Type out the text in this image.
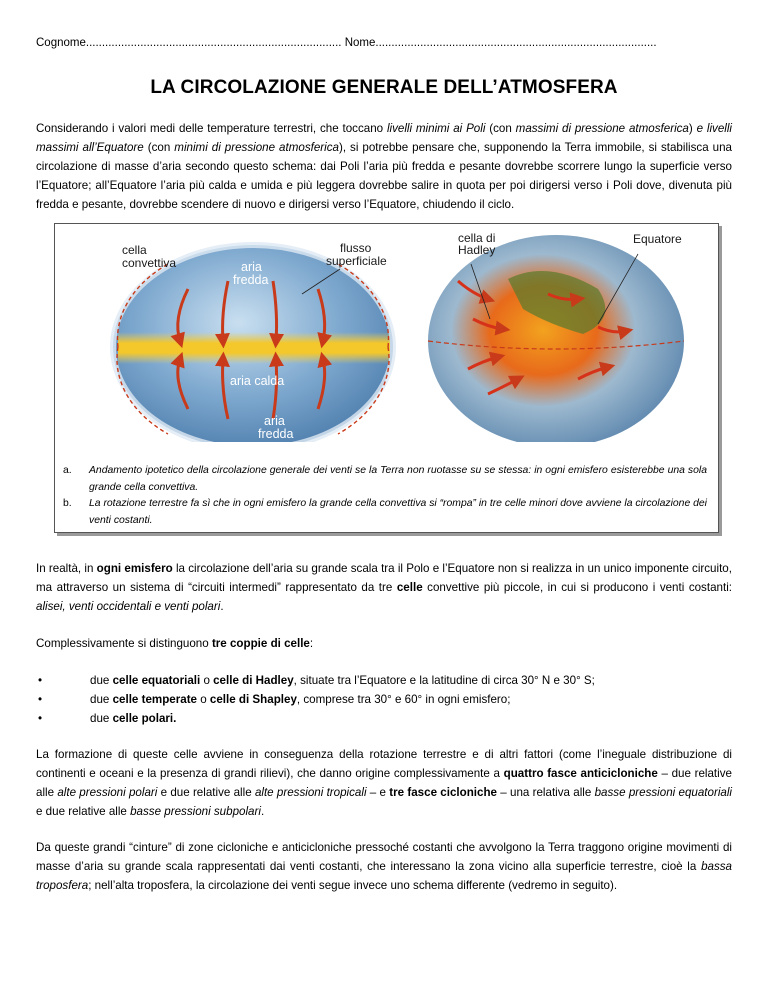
Cognome................................................................................ Nome........................................................................................
LA CIRCOLAZIONE GENERALE DELL’ATMOSFERA

Considerando i valori medi delle temperature terrestri, che toccano livelli minimi ai Poli (con massimi di pressione atmosferica) e livelli massimi all’Equatore (con minimi di pressione atmosferica), si potrebbe pensare che, supponendo la Terra immobile, si stabilisca una circolazione di masse d’aria secondo questo schema: dai Poli l’aria più fredda e pesante dovrebbe scorrere lungo la superficie verso l’Equatore; all’Equatore l’aria più calda e umida e più leggera dovrebbe salire in quota per poi dirigersi verso i Poli dove, divenuta più fredda e pesante, dovrebbe scendere di nuovo e dirigersi verso l’Equatore, chiudendo il ciclo.

cella
convettiva	aria
fredda
flusso
superficiale
aria calda
aria
fredda
cella di
Hadley
Equatore
a.	Andamento ipotetico della circolazione generale dei venti se la Terra non ruotasse su se stessa: in ogni emisfero esisterebbe una sola grande cella convettiva.
b.	La rotazione terrestre fa sì che in ogni emisfero la grande cella convettiva si “rompa” in tre celle minori dove avviene la circolazione dei venti costanti.

In realtà, in ogni emisfero la circolazione dell’aria su grande scala tra il Polo e l’Equatore non si realizza in un unico imponente circuito, ma attraverso un sistema di “circuiti intermedi” rappresentato da tre celle convettive più piccole, in cui si producono i venti costanti: alisei, venti occidentali e venti polari.

Complessivamente si distinguono tre coppie di celle:

•	due celle equatoriali o celle di Hadley, situate tra l’Equatore e la latitudine di circa 30° N e 30° S;
•	due celle temperate o celle di Shapley, comprese tra 30° e 60° in ogni emisfero;
•	due celle polari.

La formazione di queste celle avviene in conseguenza della rotazione terrestre e di altri fattori (come l’ineguale distribuzione di continenti e oceani e la presenza di grandi rilievi), che danno origine complessivamente a quattro fasce anticicloniche – due relative alle alte pressioni polari e due relative alle alte pressioni tropicali – e tre fasce cicloniche – una relativa alle basse pressioni equatoriali e due relative alle basse pressioni subpolari.

Da queste grandi “cinture” di zone cicloniche e anticicloniche pressoché costanti che avvolgono la Terra traggono origine movimenti di masse d’aria su grande scala rappresentati dai venti costanti, che interessano la zona vicino alla superficie terrestre, cioè la bassa troposfera; nell’alta troposfera, la circolazione dei venti segue invece uno schema differente (vedremo in seguito).
